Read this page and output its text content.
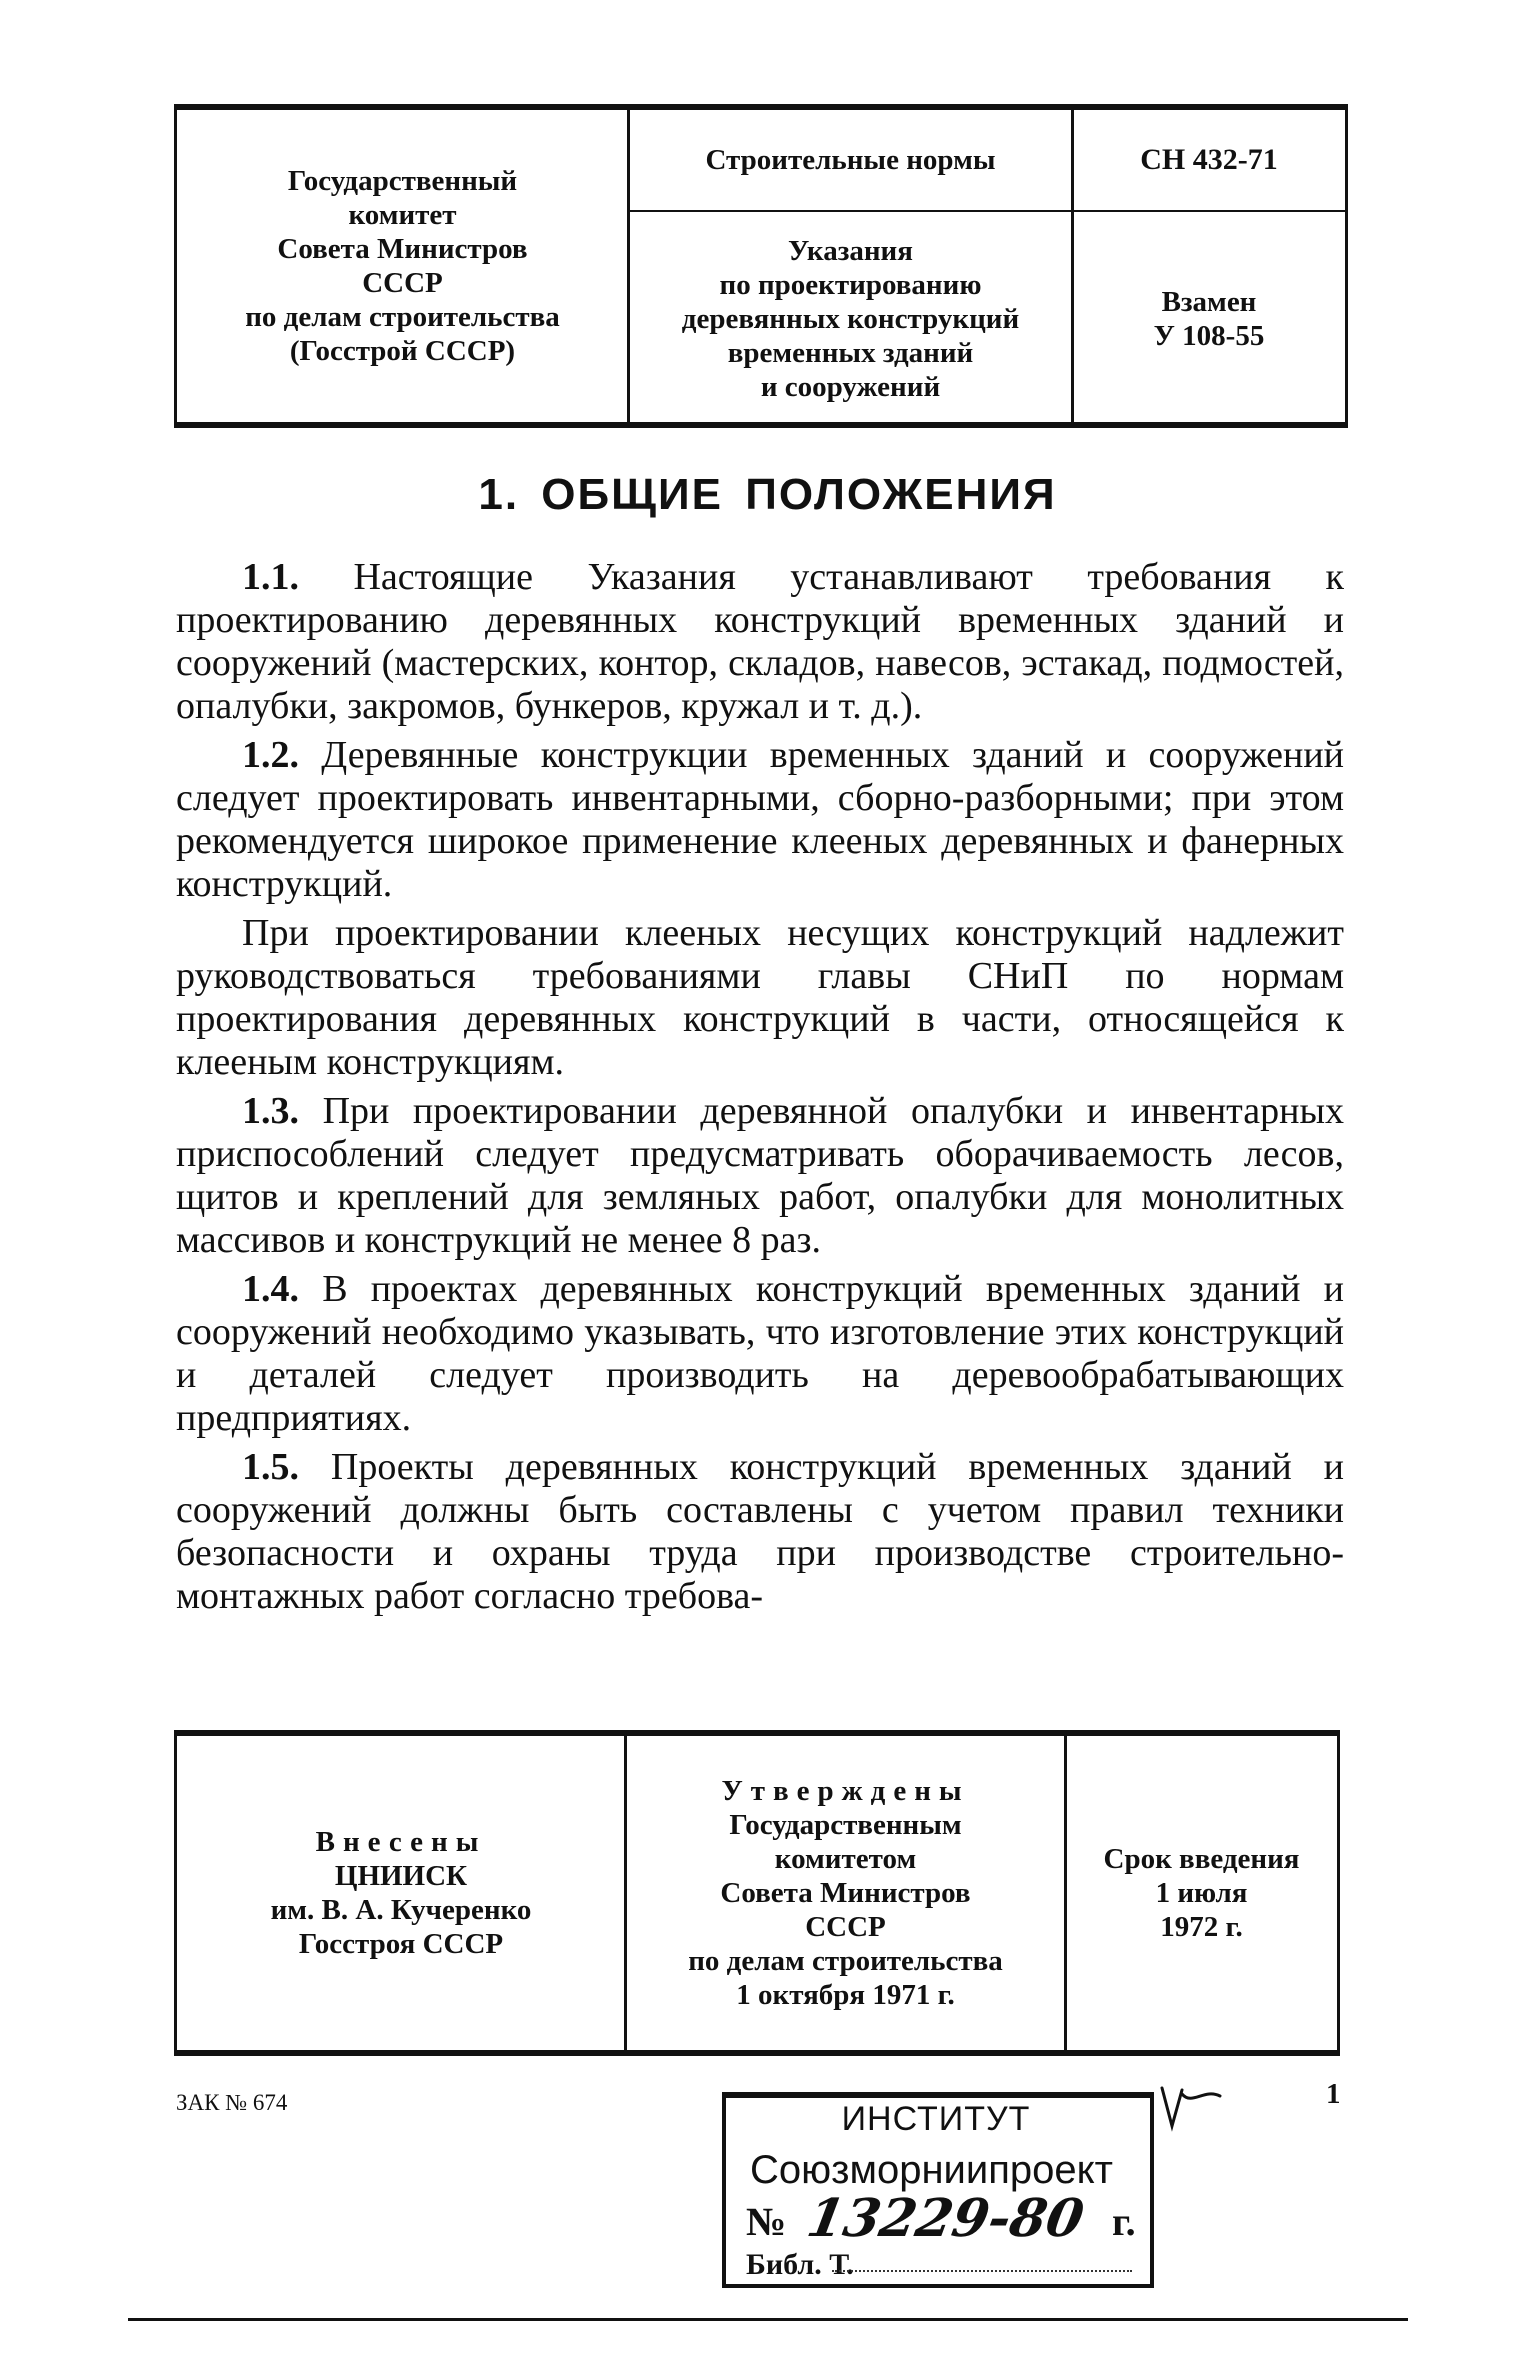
Государственный
комитет
Совета Министров
СССР
по делам строительства
(Госстрой СССР)
Строительные нормы	СН 432-71
Указания
по проектированию
деревянных конструкций
временных зданий
и сооружений
Взамен
У 108-55
1. ОБЩИЕ ПОЛОЖЕНИЯ

1.1. Настоящие Указания устанавливают требования к проектированию деревянных конструкций временных зданий и сооружений (мастерских, контор, складов, навесов, эстакад, подмостей, опалубки, закромов, бункеров, кружал и т. д.).

1.2. Деревянные конструкции временных зданий и сооружений следует проектировать инвентарными, сборно-разборными; при этом рекомендуется широкое применение клееных деревянных и фанерных конструкций.

При проектировании клееных несущих конструкций надлежит руководствоваться требованиями главы СНиП по нормам проектирования деревянных конструкций в части, относящейся к клееным конструкциям.

1.3. При проектировании деревянной опалубки и инвентарных приспособлений следует предусматривать оборачиваемость лесов, щитов и креплений для земляных работ, опалубки для монолитных массивов и конструкций не менее 8 раз.

1.4. В проектах деревянных конструкций временных зданий и сооружений необходимо указывать, что изготовление этих конструкций и деталей следует производить на деревообрабатывающих предприятиях.

1.5. Проекты деревянных конструкций временных зданий и сооружений должны быть составлены с учетом правил техники безопасности и охраны труда при производстве строительно-монтажных работ согласно требова-

Внесены
ЦНИИСК
им. В. А. Кучеренко
Госстроя СССР
Утверждены
Государственным
комитетом
Совета Министров
СССР
по делам строительства
1 октября 1971 г.
Срок введения
1 июля
1972 г.
ЗАК № 674	1
ИНСТИТУТ
Союзморниипроект
№ 13229-80 г.
Библ. Т.
